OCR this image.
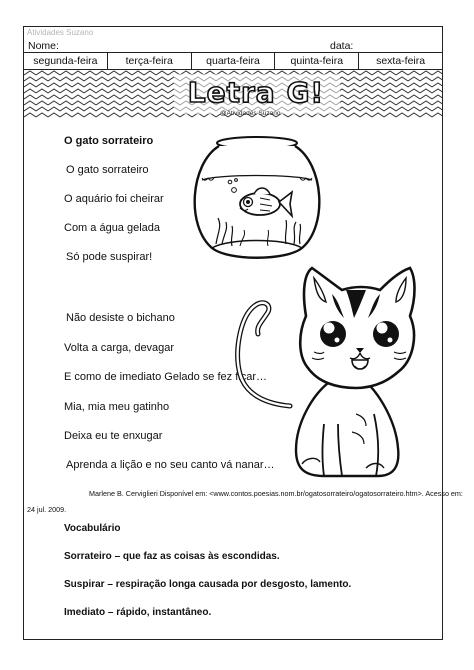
Atividades Suzano
Nome:	data:
segunda-feira	terça-feira	quarta-feira	quinta-feira	sexta-feira
Letra G!
@Atividades Suzano
O gato sorrateiro
O gato sorrateiro
O aquário foi cheirar
Com a água gelada
Só pode suspirar!
Não desiste o bichano
Volta a carga, devagar
E como de imediato Gelado se fez ficar…
Mia, mia meu gatinho
Deixa eu te enxugar
Aprenda a lição e no seu canto vá nanar…
Marlene B. Cerviglieri Disponível em: <www.contos.poesias.nom.br/ogatosorrateiro/ogatosorrateiro.htm>. Acesso em:
24 jul. 2009.
Vocabulário
Sorrateiro – que faz as coisas às escondidas.
Suspirar – respiração longa causada por desgosto, lamento.
Imediato – rápido, instantâneo.
